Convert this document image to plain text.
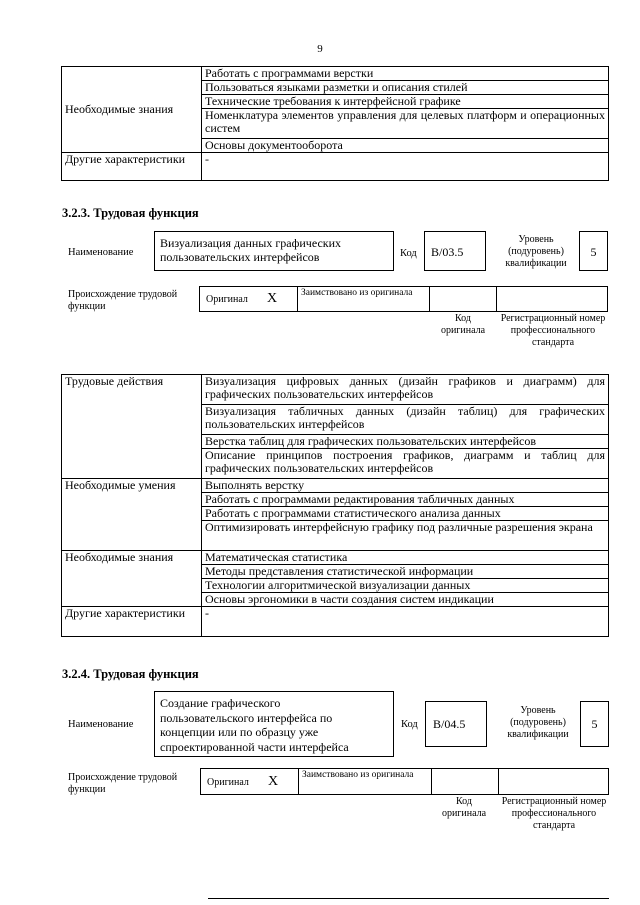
9
Необходимые знания	Работать с программами верстки
	Пользоваться языками разметки и описания стилей
	Технические требования к интерфейсной графике
	Номенклатура элементов управления для целевых платформ и операционных систем
	Основы документооборота
Другие характеристики	-
3.2.3. Трудовая функция
Наименование
Визуализация данных графических пользовательских интерфейсов	Код B/03.5
Уровень (подуровень) квалификации
5
Происхождение трудовой функции
Оригинал X	Заимствовано из оригинала
Код оригинала
Регистрационный номер профессионального стандарта
Трудовые действия	Визуализация цифровых данных (дизайн графиков и диаграмм) для графических пользовательских интерфейсов
	Визуализация табличных данных (дизайн таблиц) для графических пользовательских интерфейсов
	Верстка таблиц для графических пользовательских интерфейсов
	Описание принципов построения графиков, диаграмм и таблиц для графических пользовательских интерфейсов
Необходимые умения	Выполнять верстку
	Работать с программами редактирования табличных данных
	Работать с программами статистического анализа данных
	Оптимизировать интерфейсную графику под различные разрешения экрана
Необходимые знания	Математическая статистика
	Методы представления статистической информации
	Технологии алгоритмической визуализации данных
	Основы эргономики в части создания систем индикации
Другие характеристики	-
3.2.4. Трудовая функция
Наименование
Создание графического пользовательского интерфейса по концепции или по образцу уже спроектированной части интерфейса
Код B/04.5
Уровень (подуровень) квалификации
5
Происхождение трудовой функции
Оригинал X	Заимствовано из оригинала
Код оригинала
Регистрационный номер профессионального стандарта
